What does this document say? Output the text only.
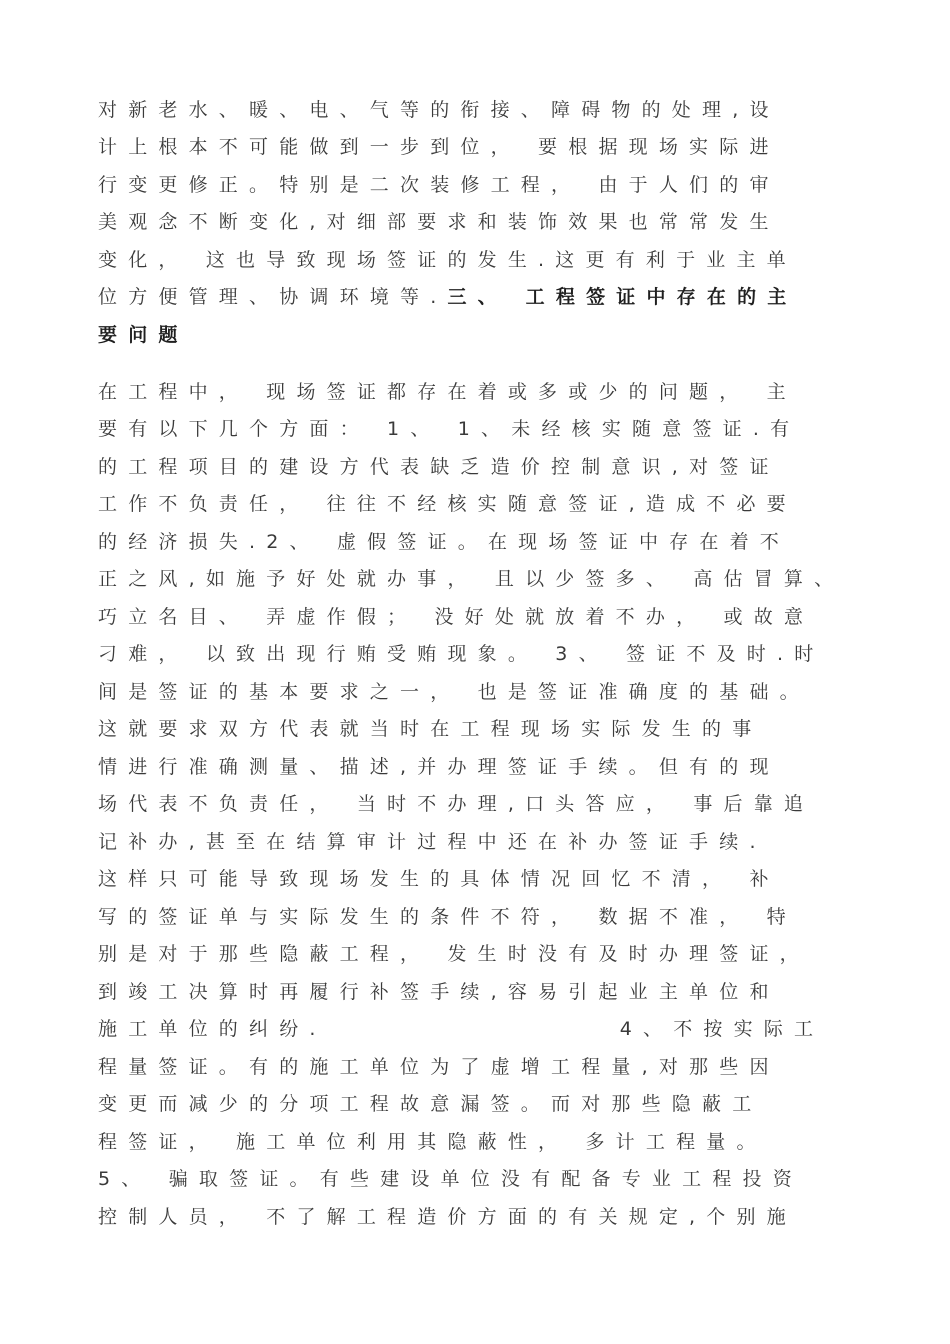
对新老水、暖、电、气等的衔接、障碍物的处理,设
计上根本不可能做到一步到位， 要根据现场实际进
行变更修正。特别是二次装修工程， 由于人们的审
美观念不断变化,对细部要求和装饰效果也常常发生
变化， 这也导致现场签证的发生.这更有利于业主单
位方便管理、协调环境等.三、 工程签证中存在的主
要问题
在工程中， 现场签证都存在着或多或少的问题， 主
要有以下几个方面： 1、 1、未经核实随意签证.有
的工程项目的建设方代表缺乏造价控制意识,对签证
工作不负责任， 往往不经核实随意签证,造成不必要
的经济损失.2、 虚假签证。在现场签证中存在着不
正之风,如施予好处就办事， 且以少签多、 高估冒算、
巧立名目、 弄虚作假； 没好处就放着不办， 或故意
刁难， 以致出现行贿受贿现象。 3、 签证不及时.时
间是签证的基本要求之一， 也是签证准确度的基础。
这就要求双方代表就当时在工程现场实际发生的事
情进行准确测量、描述,并办理签证手续。但有的现
场代表不负责任， 当时不办理,口头答应， 事后靠追
记补办,甚至在结算审计过程中还在补办签证手续.
这样只可能导致现场发生的具体情况回忆不清， 补
写的签证单与实际发生的条件不符， 数据不准， 特
别是对于那些隐蔽工程， 发生时没有及时办理签证，
到竣工决算时再履行补签手续,容易引起业主单位和
施工单位的纠纷.                 4、不按实际工
程量签证。有的施工单位为了虚增工程量,对那些因
变更而减少的分项工程故意漏签。而对那些隐蔽工
程签证， 施工单位利用其隐蔽性， 多计工程量。
5、 骗取签证。有些建设单位没有配备专业工程投资
控制人员， 不了解工程造价方面的有关规定,个别施
